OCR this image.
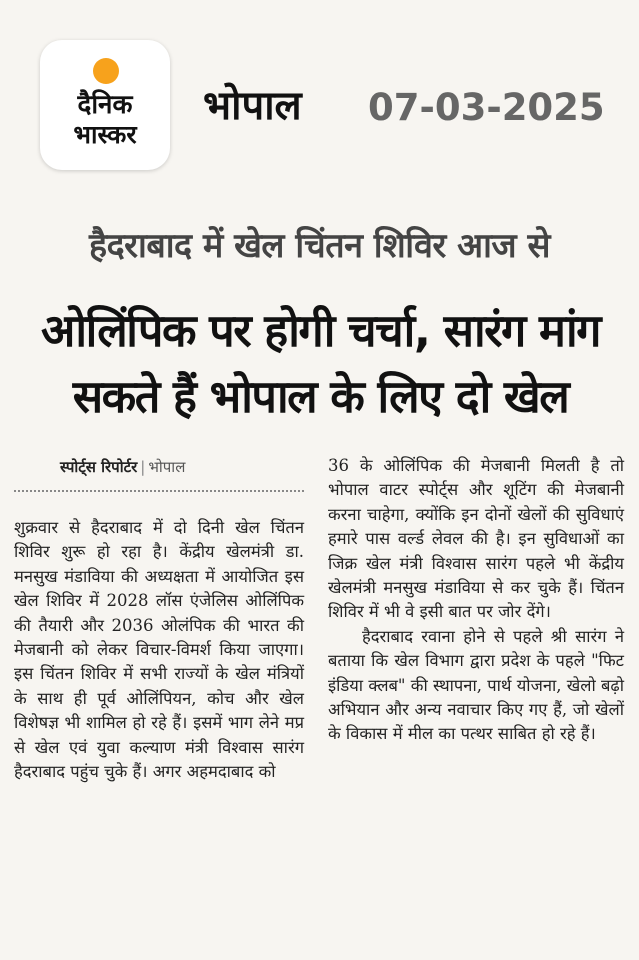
दैनिक
भास्कर
भोपाल 07-03-2025
हैदराबाद में खेल चिंतन शिविर आज से
ओलिंपिक पर होगी चर्चा, सारंग मांग सकते हैं भोपाल के लिए दो खेल
स्पोर्ट्स रिपोर्टर | भोपाल

शुक्रवार से हैदराबाद में दो दिनी खेल चिंतन शिविर शुरू हो रहा है। केंद्रीय खेलमंत्री डा. मनसुख मंडाविया की अध्यक्षता में आयोजित इस खेल शिविर में 2028 लॉस एंजेलिस ओलिंपिक की तैयारी और 2036 ओलंपिक की भारत की मेजबानी को लेकर विचार-विमर्श किया जाएगा। इस चिंतन शिविर में सभी राज्यों के खेल मंत्रियों के साथ ही पूर्व ओलिंपियन, कोच और खेल विशेषज्ञ भी शामिल हो रहे हैं। इसमें भाग लेने मप्र से खेल एवं युवा कल्याण मंत्री विश्वास सारंग हैदराबाद पहुंच चुके हैं। अगर अहमदाबाद को

36 के ओलिंपिक की मेजबानी मिलती है तो भोपाल वाटर स्पोर्ट्स और शूटिंग की मेजबानी करना चाहेगा, क्योंकि इन दोनों खेलों की सुविधाएं हमारे पास वर्ल्ड लेवल की है। इन सुविधाओं का जिक्र खेल मंत्री विश्वास सारंग पहले भी केंद्रीय खेलमंत्री मनसुख मंडाविया से कर चुके हैं। चिंतन शिविर में भी वे इसी बात पर जोर देंगे।

हैदराबाद रवाना होने से पहले श्री सारंग ने बताया कि खेल विभाग द्वारा प्रदेश के पहले "फिट इंडिया क्लब" की स्थापना, पार्थ योजना, खेलो बढ़ो अभियान और अन्य नवाचार किए गए हैं, जो खेलों के विकास में मील का पत्थर साबित हो रहे हैं।
